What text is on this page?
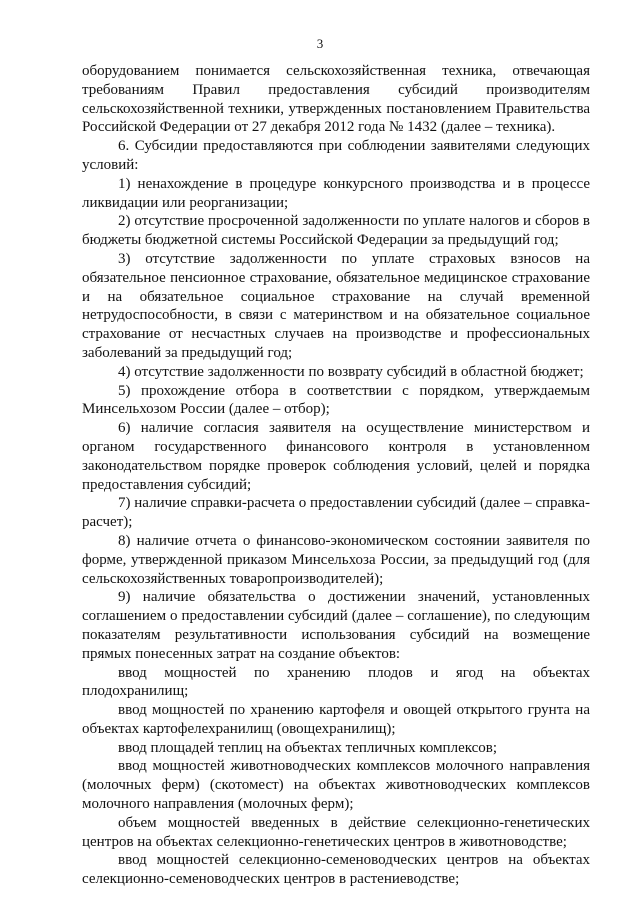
3

оборудованием понимается сельскохозяйственная техника, отвечающая требованиям Правил предоставления субсидий производителям сельскохозяйственной техники, утвержденных постановлением Правительства Российской Федерации от 27 декабря 2012 года № 1432 (далее – техника).

6. Субсидии предоставляются при соблюдении заявителями следующих условий:

1) ненахождение в процедуре конкурсного производства и в процессе ликвидации или реорганизации;

2) отсутствие просроченной задолженности по уплате налогов и сборов в бюджеты бюджетной системы Российской Федерации за предыдущий год;

3) отсутствие задолженности по уплате страховых взносов на обязательное пенсионное страхование, обязательное медицинское страхование и на обязательное социальное страхование на случай временной нетрудоспособности, в связи с материнством и на обязательное социальное страхование от несчастных случаев на производстве и профессиональных заболеваний за предыдущий год;

4) отсутствие задолженности по возврату субсидий в областной бюджет;

5) прохождение отбора в соответствии с порядком, утверждаемым Минсельхозом России (далее – отбор);

6) наличие согласия заявителя на осуществление министерством и органом государственного финансового контроля в установленном законодательством порядке проверок соблюдения условий, целей и порядка предоставления субсидий;

7) наличие справки-расчета о предоставлении субсидий (далее – справка-расчет);

8) наличие отчета о финансово-экономическом состоянии заявителя по форме, утвержденной приказом Минсельхоза России, за предыдущий год (для сельскохозяйственных товаропроизводителей);

9) наличие обязательства о достижении значений, установленных соглашением о предоставлении субсидий (далее – соглашение), по следующим показателям результативности использования субсидий на возмещение прямых понесенных затрат на создание объектов:

ввод мощностей по хранению плодов и ягод на объектах плодохранилищ;

ввод мощностей по хранению картофеля и овощей открытого грунта на объектах картофелехранилищ (овощехранилищ);

ввод площадей теплиц на объектах тепличных комплексов;

ввод мощностей животноводческих комплексов молочного направления (молочных ферм) (скотомест) на объектах животноводческих комплексов молочного направления (молочных ферм);

объем мощностей введенных в действие селекционно-генетических центров на объектах селекционно-генетических центров в животноводстве;

ввод мощностей селекционно-семеноводческих центров на объектах селекционно-семеноводческих центров в растениеводстве;
